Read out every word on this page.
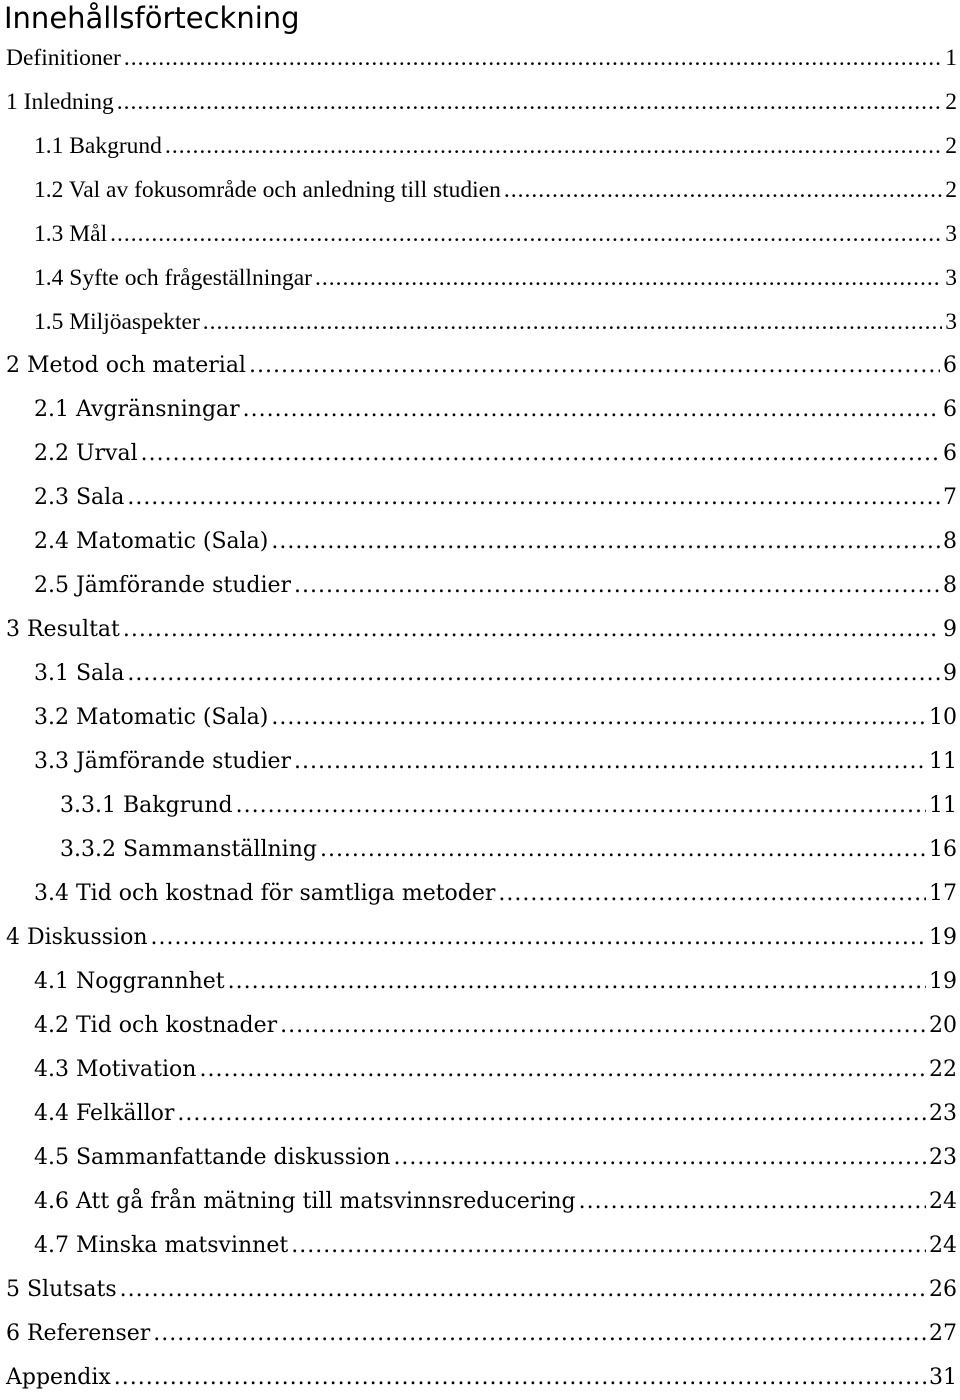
Innehållsförteckning
Definitioner .....	1
1 Inledning .....	2
1.1 Bakgrund .....	2
1.2 Val av fokusområde och anledning till studien .....	2
1.3 Mål .....	3
1.4 Syfte och frågeställningar .....	3
1.5 Miljöaspekter .....	3
2 Metod och material .....	6
2.1 Avgränsningar .....	6
2.2 Urval .....	6
2.3 Sala .....	7
2.4 Matomatic (Sala) .....	8
2.5 Jämförande studier .....	8
3 Resultat .....	9
3.1 Sala .....	9
3.2 Matomatic (Sala) .....	10
3.3 Jämförande studier .....	11
3.3.1 Bakgrund .....	11
3.3.2 Sammanställning .....	16
3.4 Tid och kostnad för samtliga metoder .....	17
4 Diskussion .....	19
4.1 Noggrannhet .....	19
4.2 Tid och kostnader .....	20
4.3 Motivation .....	22
4.4 Felkällor .....	23
4.5 Sammanfattande diskussion .....	23
4.6 Att gå från mätning till matsvinnsreducering .....	24
4.7 Minska matsvinnet .....	24
5 Slutsats .....	26
6 Referenser .....	27
Appendix .....	31
